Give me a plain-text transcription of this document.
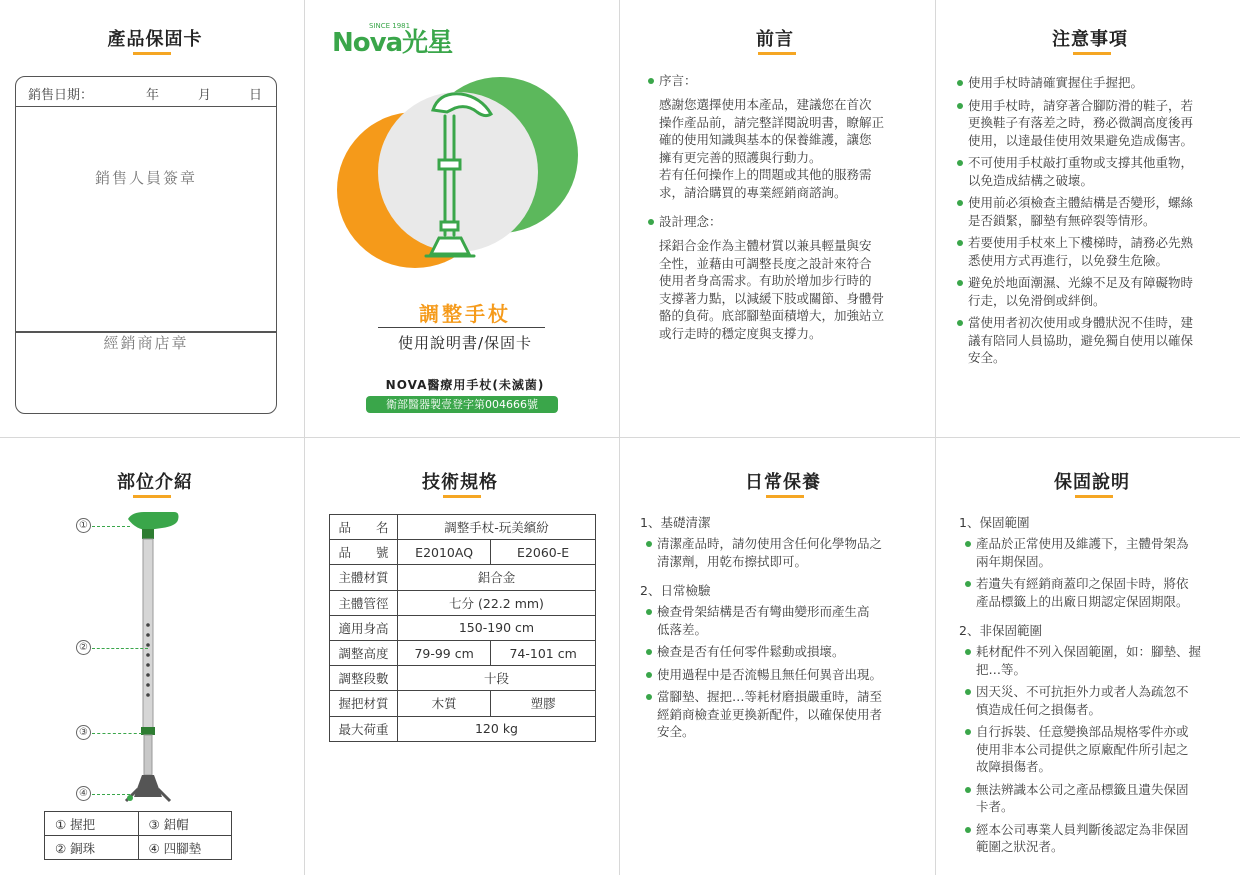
產品保固卡
銷售日期：	年	月	日
銷售人員簽章
經銷商店章
Nova光星
SINCE 1981
調整手杖
使用說明書/保固卡
NOVA醫療用手杖(未滅菌)
衛部醫器製壹登字第004666號
前言
序言：
感謝您選擇使用本產品，建議您在首次
操作產品前，請完整詳閱說明書，瞭解正
確的使用知識與基本的保養維護，讓您
擁有更完善的照護與行動力。
若有任何操作上的問題或其他的服務需
求，請洽購買的專業經銷商諮詢。
設計理念：
採鋁合金作為主體材質以兼具輕量與安
全性，並藉由可調整長度之設計來符合
使用者身高需求。有助於增加步行時的
支撐著力點，以減緩下肢或關節、身體骨
骼的負荷。底部腳墊面積增大，加強站立
或行走時的穩定度與支撐力。
注意事項
使用手杖時請確實握住手握把。
使用手杖時，請穿著合腳防滑的鞋子，若
更換鞋子有落差之時，務必微調高度後再
使用，以達最佳使用效果避免造成傷害。
不可使用手杖敲打重物或支撐其他重物，
以免造成結構之破壞。
使用前必須檢查主體結構是否變形，螺絲
是否鎖緊，腳墊有無碎裂等情形。
若要使用手杖來上下樓梯時，請務必先熟
悉使用方式再進行，以免發生危險。
避免於地面潮濕、光線不足及有障礙物時
行走，以免滑倒或絆倒。
當使用者初次使用或身體狀況不佳時，建
議有陪同人員協助，避免獨自使用以確保
安全。
部位介紹
①
②
③
④
① 握把	③ 鋁帽
② 銅珠	④ 四腳墊
技術規格
品　　名	調整手杖-玩美繽紛	
品　　號	E2010AQ	E2060-E
主體材質	鋁合金	
主體管徑	七分 (22.2 mm)	
適用身高	150-190 cm	
調整高度	79-99 cm	74-101 cm
調整段數	十段	
握把材質	木質	塑膠
最大荷重	120 kg	
日常保養
1、基礎清潔
清潔產品時，請勿使用含任何化學物品之
清潔劑，用乾布擦拭即可。
2、日常檢驗
檢查骨架結構是否有彎曲變形而產生高
低落差。
檢查是否有任何零件鬆動或損壞。
使用過程中是否流暢且無任何異音出現。
當腳墊、握把…等耗材磨損嚴重時，請至
經銷商檢查並更換新配件，以確保使用者
安全。
保固說明
1、保固範圍
產品於正常使用及維護下，主體骨架為
兩年期保固。
若遺失有經銷商蓋印之保固卡時，將依
產品標籤上的出廠日期認定保固期限。
2、非保固範圍
耗材配件不列入保固範圍，如：腳墊、握
把…等。
因天災、不可抗拒外力或者人為疏忽不
慎造成任何之損傷者。
自行拆裝、任意變換部品規格零件亦或
使用非本公司提供之原廠配件所引起之
故障損傷者。
無法辨識本公司之產品標籤且遺失保固
卡者。
經本公司專業人員判斷後認定為非保固
範圍之狀況者。
